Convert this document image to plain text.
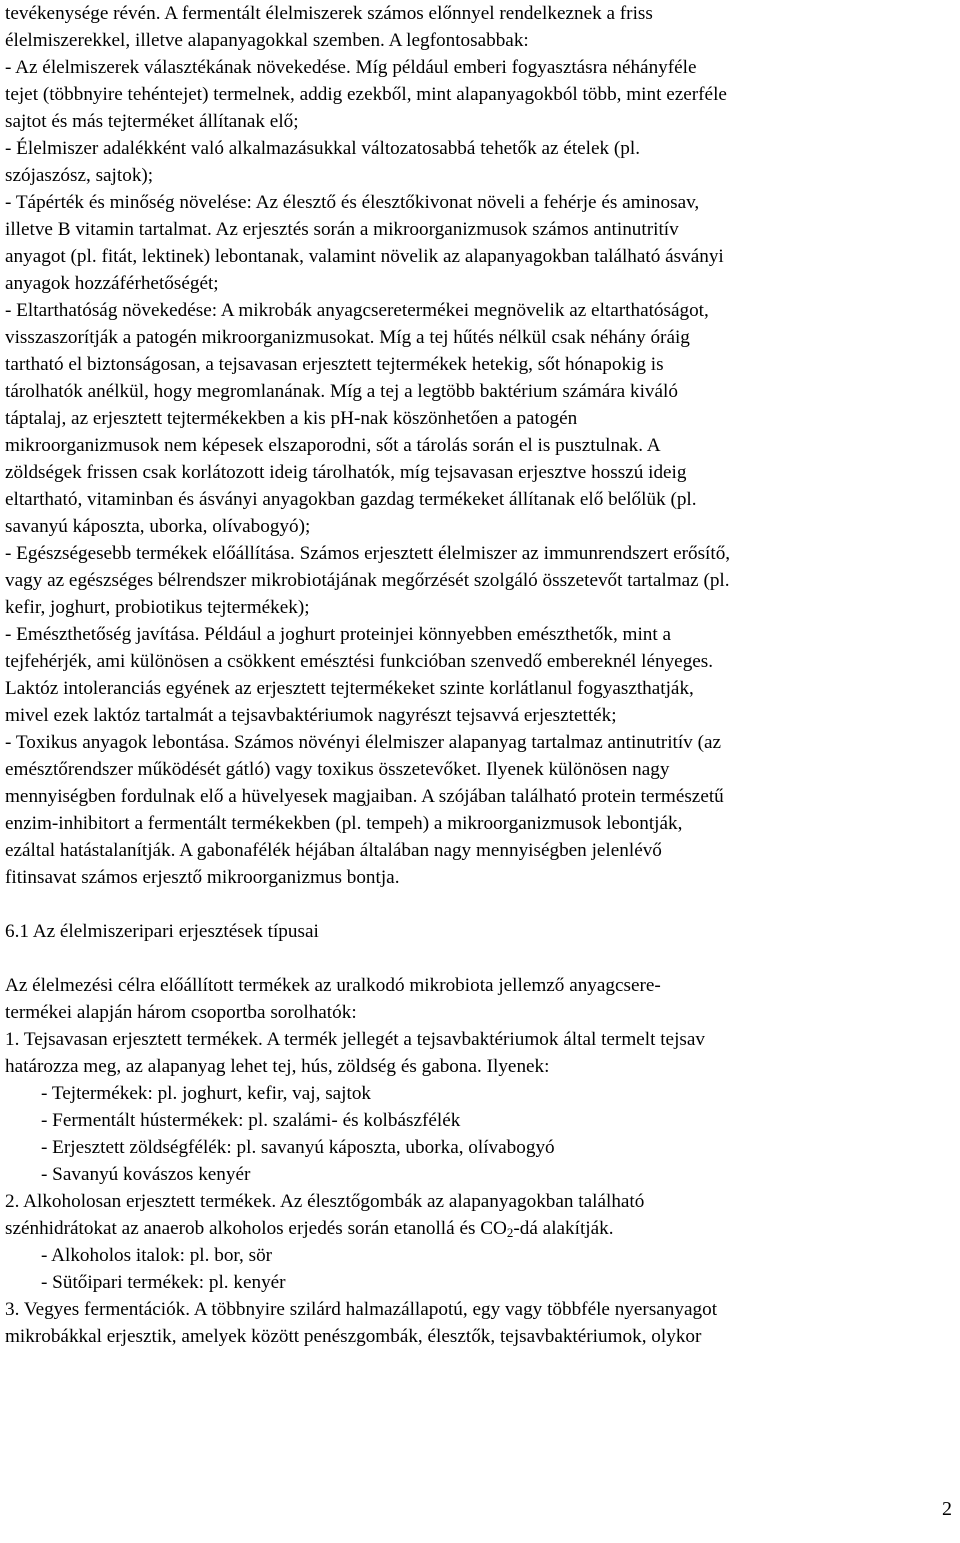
tevékenysége révén. A fermentált élelmiszerek számos előnnyel rendelkeznek a friss
élelmiszerekkel, illetve alapanyagokkal szemben. A legfontosabbak:
- Az élelmiszerek választékának növekedése. Míg például emberi fogyasztásra néhányféle
tejet (többnyire tehéntejet) termelnek, addig ezekből, mint alapanyagokból több, mint ezerféle
sajtot és más tejterméket állítanak elő;
- Élelmiszer adalékként való alkalmazásukkal változatosabbá tehetők az ételek (pl.
szójaszósz, sajtok);
- Tápérték és minőség növelése: Az élesztő és élesztőkivonat növeli a fehérje és aminosav,
illetve B vitamin tartalmat. Az erjesztés során a mikroorganizmusok számos antinutritív
anyagot (pl. fitát, lektinek) lebontanak, valamint növelik az alapanyagokban található ásványi
anyagok hozzáférhetőségét;
- Eltarthatóság növekedése: A mikrobák anyagcseretermékei megnövelik az eltarthatóságot,
visszaszorítják a patogén mikroorganizmusokat. Míg a tej hűtés nélkül csak néhány óráig
tartható el biztonságosan, a tejsavasan erjesztett tejtermékek hetekig, sőt hónapokig is
tárolhatók anélkül, hogy megromlanának. Míg a tej a legtöbb baktérium számára kiváló
táptalaj, az erjesztett tejtermékekben a kis pH-nak köszönhetően a patogén
mikroorganizmusok nem képesek elszaporodni, sőt a tárolás során el is pusztulnak. A
zöldségek frissen csak korlátozott ideig tárolhatók, míg tejsavasan erjesztve hosszú ideig
eltartható, vitaminban és ásványi anyagokban gazdag termékeket állítanak elő belőlük (pl.
savanyú káposzta, uborka, olívabogyó);
- Egészségesebb termékek előállítása. Számos erjesztett élelmiszer az immunrendszert erősítő,
vagy az egészséges bélrendszer mikrobiotájának megőrzését szolgáló összetevőt tartalmaz (pl.
kefir, joghurt, probiotikus tejtermékek);
- Emészthetőség javítása. Például a joghurt proteinjei könnyebben emészthetők, mint a
tejfehérjék, ami különösen a csökkent emésztési funkcióban szenvedő embereknél lényeges.
Laktóz intoleranciás egyének az erjesztett tejtermékeket szinte korlátlanul fogyaszthatják,
mivel ezek laktóz tartalmát a tejsavbaktériumok nagyrészt tejsavvá erjesztették;
- Toxikus anyagok lebontása. Számos növényi élelmiszer alapanyag tartalmaz antinutritív (az
emésztőrendszer működését gátló) vagy toxikus összetevőket. Ilyenek különösen nagy
mennyiségben fordulnak elő a hüvelyesek magjaiban. A szójában található protein természetű
enzim-inhibitort a fermentált termékekben (pl. tempeh) a mikroorganizmusok lebontják,
ezáltal hatástalanítják. A gabonafélék héjában általában nagy mennyiségben jelenlévő
fitinsavat számos erjesztő mikroorganizmus bontja.
6.1 Az élelmiszeripari erjesztések típusai
Az élelmezési célra előállított termékek az uralkodó mikrobiota jellemző anyagcsere-
termékei alapján három csoportba sorolhatók:
1. Tejsavasan erjesztett termékek. A termék jellegét a tejsavbaktériumok által termelt tejsav
határozza meg, az alapanyag lehet tej, hús, zöldség és gabona. Ilyenek:
- Tejtermékek: pl. joghurt, kefir, vaj, sajtok
- Fermentált hústermékek: pl. szalámi- és kolbászfélék
- Erjesztett zöldségfélék: pl. savanyú káposzta, uborka, olívabogyó
- Savanyú kovászos kenyér
2. Alkoholosan erjesztett termékek. Az élesztőgombák az alapanyagokban található
szénhidrátokat az anaerob alkoholos erjedés során etanollá és $CO_2-dá$ alakítják.
- Alkoholos italok: pl. bor, sör
- Sütőipari termékek: pl. kenyér
3. Vegyes fermentációk. A többnyire szilárd halmazállapotú, egy vagy többféle nyersanyagot
mikrobákkal erjesztik, amelyek között penészgombák, élesztők, tejsavbaktériumok, olykor
2
